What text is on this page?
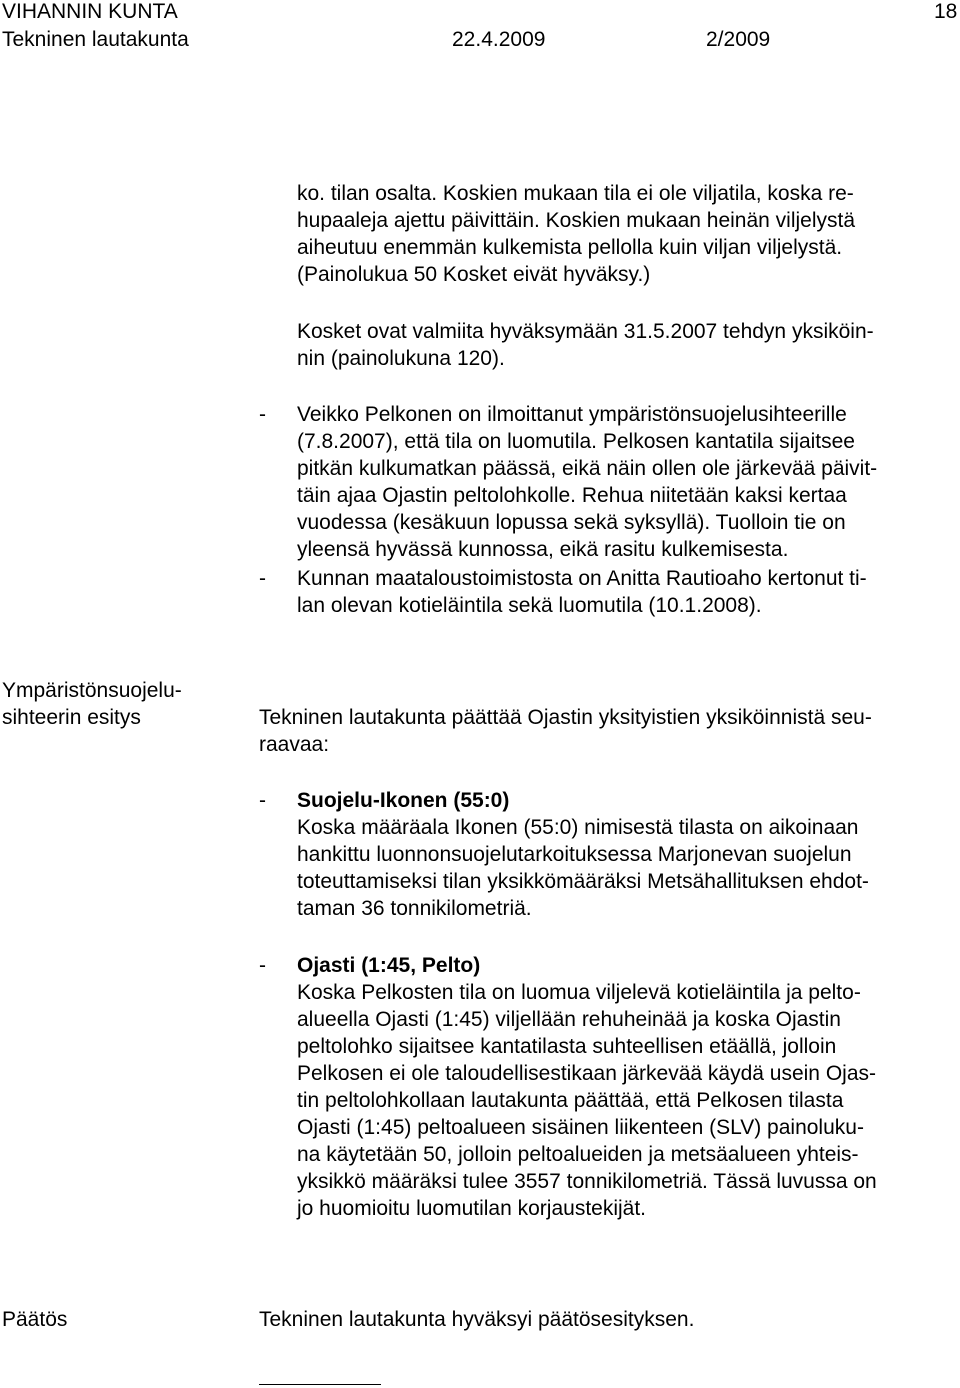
VIHANNIN KUNTA	18
Tekninen lautakunta	22.4.2009	2/2009
ko. tilan osalta. Koskien mukaan tila ei ole viljatila, koska re-
hupaaleja ajettu päivittäin. Koskien mukaan heinän viljelystä
aiheutuu enemmän kulkemista pellolla kuin viljan viljelystä.
(Painolukua 50 Kosket eivät hyväksy.)
Kosket ovat valmiita hyväksymään 31.5.2007 tehdyn yksiköin-
nin (painolukuna 120).
- Veikko Pelkonen on ilmoittanut ympäristönsuojelusihteerille
(7.8.2007), että tila on luomutila. Pelkosen kantatila sijaitsee
pitkän kulkumatkan päässä, eikä näin ollen ole järkevää päivit-
täin ajaa Ojastin peltolohkolle. Rehua niitetään kaksi kertaa
vuodessa (kesäkuun lopussa sekä syksyllä). Tuolloin tie on
yleensä hyvässä kunnossa, eikä rasitu kulkemisesta.
- Kunnan maataloustoimistosta on Anitta Rautioaho kertonut ti-
lan olevan kotieläintila sekä luomutila (10.1.2008).
Ympäristönsuojelu-
sihteerin esitys	Tekninen lautakunta päättää Ojastin yksityistien yksiköinnistä seu-
raavaa:
- Suojelu-Ikonen (55:0)
Koska määräala Ikonen (55:0) nimisestä tilasta on aikoinaan
hankittu luonnonsuojelutarkoituksessa Marjonevan suojelun
toteuttamiseksi tilan yksikkömääräksi Metsähallituksen ehdot-
taman 36 tonnikilometriä.
- Ojasti (1:45, Pelto)
Koska Pelkosten tila on luomua viljelevä kotieläintila ja pelto-
alueella Ojasti (1:45) viljellään rehuheinää ja koska Ojastin
peltolohko sijaitsee kantatilasta suhteellisen etäällä, jolloin
Pelkosen ei ole taloudellisestikaan järkevää käydä usein Ojas-
tin peltolohkollaan lautakunta päättää, että Pelkosen tilasta
Ojasti (1:45) peltoalueen sisäinen liikenteen (SLV) painoluku-
na käytetään 50, jolloin peltoalueiden ja metsäalueen yhteis-
yksikkö määräksi tulee 3557 tonnikilometriä. Tässä luvussa on
jo huomioitu luomutilan korjaustekijät.
Päätös	Tekninen lautakunta hyväksyi päätösesityksen.
